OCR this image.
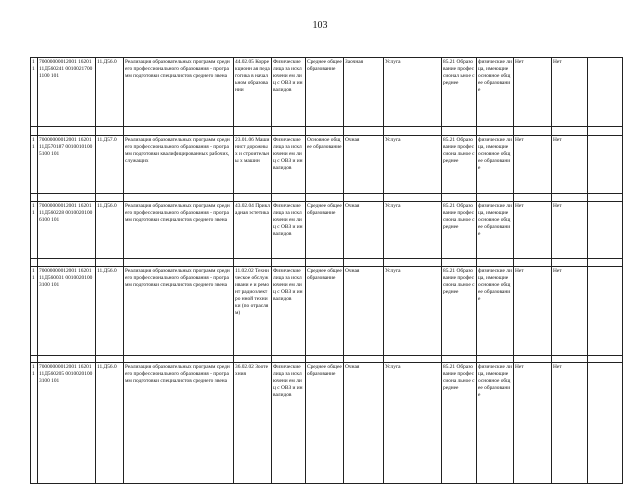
103
11	70000000012001 1620111Д560241 00100217001100 101	11.Д56.0	Реализация образовательных программ среднего профессионального образования - программ подготовки специалистов среднего звена	44.02.05 Коррекционн ая педагогика в начальном образовании	Физические лица за исключени ем лиц с ОВЗ и инвалидов	Среднее общее образование	Заочная	Услуга	85.21 Образование профессионал ьное среднее	физические лица, имеющие основное общее образование	Нет	Нет	

11	70000000012001 1620111Д570187 00100101005100 101	11.Д57.0	Реализация образовательных программ среднего профессионального образования - программ подготовки квалифицированных рабочих, служащих	23.01.06 Машинист дорожных и строительны х машин	Физические лица за исключени ем лиц с ОВЗ и инвалидов	Основное общее образование	Очная	Услуга	85.21 Образование профессиона льное среднее	физические лица, имеющие основное общее образование	Нет	Нет	

11	70000000012001 1620111Д560228 00100201006100 101	11.Д56.0	Реализация образовательных программ среднего профессионального образования - программ подготовки специалистов среднего звена	43.02.04 Прикладная эстетика	Физические лица за исключени ем лиц с ОВЗ и инвалидов	Среднее общее образование	Очная	Услуга	85.21 Образование профессиона льное среднее	физические лица, имеющие основное общее образование	Нет	Нет	

11	70000000012001 1620111Д560031 00100201003100 101	11.Д56.0	Реализация образовательных программ среднего профессионального образования - программ подготовки специалистов среднего звена	11.02.02 Техническое обслуживани е и ремонт радиоэлектро нной техники (по отраслям)	Физические лица за исключени ем лиц с ОВЗ и инвалидов	Среднее общее образование	Очная	Услуга	85.21 Образование профессиона льное среднее	физические лица, имеющие основное общее образование	Нет	Нет	

11	70000000012001 1620111Д560205 00100201003100 101	11.Д56.0	Реализация образовательных программ среднего профессионального образования - программ подготовки специалистов среднего звена	36.02.02 Зоотехния	Физические лица за исключени ем лиц с ОВЗ и инвалидов	Среднее общее образование	Очная	Услуга	85.21 Образование профессиона льное среднее	физические лица, имеющие основное общее образование	Нет	Нет	
